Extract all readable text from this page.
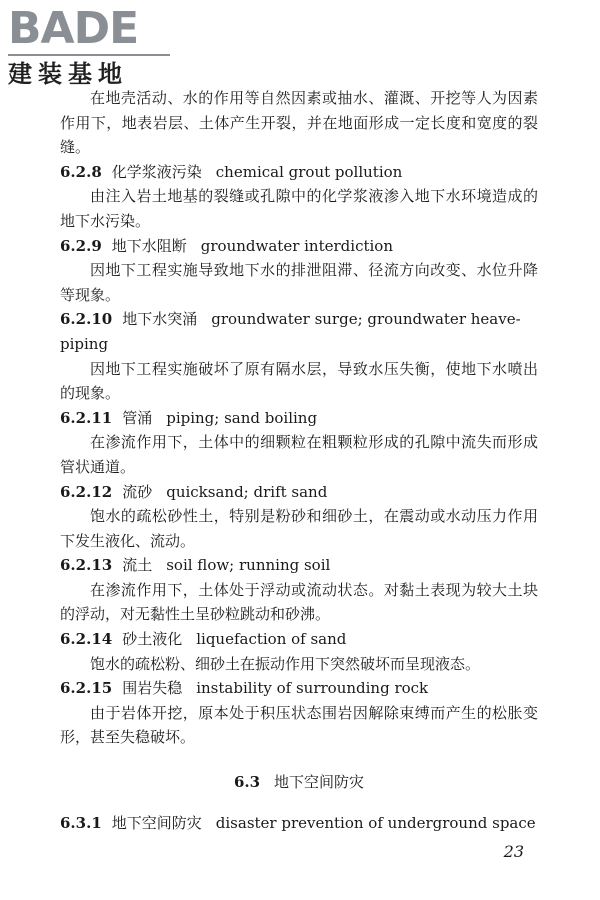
BADE
建装基地

在地壳活动、水的作用等自然因素或抽水、灌溉、开挖等人为因素作用下，地表岩层、土体产生开裂，并在地面形成一定长度和宽度的裂缝。

6.2.8 化学浆液污染 chemical grout pollution

由注入岩土地基的裂缝或孔隙中的化学浆液渗入地下水环境造成的地下水污染。

6.2.9 地下水阻断 groundwater interdiction

因地下工程实施导致地下水的排泄阻滞、径流方向改变、水位升降等现象。

6.2.10 地下水突涌 groundwater surge; groundwater heave-piping

因地下工程实施破坏了原有隔水层，导致水压失衡，使地下水喷出的现象。

6.2.11 管涌 piping; sand boiling

在渗流作用下，土体中的细颗粒在粗颗粒形成的孔隙中流失而形成管状通道。

6.2.12 流砂 quicksand; drift sand

饱水的疏松砂性土，特别是粉砂和细砂土，在震动或水动压力作用下发生液化、流动。

6.2.13 流土 soil flow; running soil

在渗流作用下，土体处于浮动或流动状态。对黏土表现为较大土块的浮动，对无黏性土呈砂粒跳动和砂沸。

6.2.14 砂土液化 liquefaction of sand

饱水的疏松粉、细砂土在振动作用下突然破坏而呈现液态。

6.2.15 围岩失稳 instability of surrounding rock

由于岩体开挖，原本处于积压状态围岩因解除束缚而产生的松胀变形，甚至失稳破坏。

6.3 地下空间防灾

6.3.1 地下空间防灾 disaster prevention of underground space

23
